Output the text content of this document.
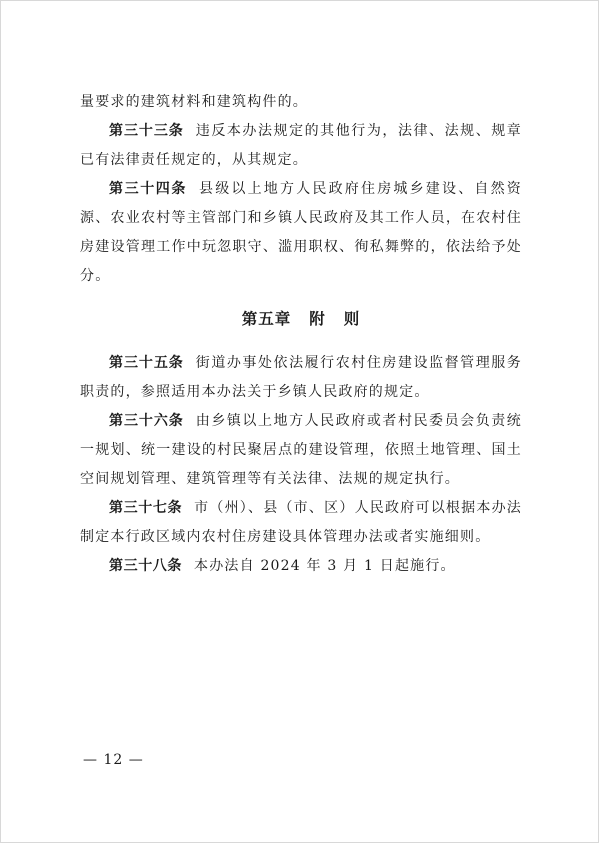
量要求的建筑材料和建筑构件的。

第三十三条 违反本办法规定的其他行为，法律、法规、规章已有法律责任规定的，从其规定。

第三十四条 县级以上地方人民政府住房城乡建设、自然资源、农业农村等主管部门和乡镇人民政府及其工作人员，在农村住房建设管理工作中玩忽职守、滥用职权、徇私舞弊的，依法给予处分。

第五章 附 则

第三十五条 街道办事处依法履行农村住房建设监督管理服务职责的，参照适用本办法关于乡镇人民政府的规定。

第三十六条 由乡镇以上地方人民政府或者村民委员会负责统一规划、统一建设的村民聚居点的建设管理，依照土地管理、国土空间规划管理、建筑管理等有关法律、法规的规定执行。

第三十七条 市（州）、县（市、区）人民政府可以根据本办法制定本行政区域内农村住房建设具体管理办法或者实施细则。

第三十八条 本办法自 2024 年 3 月 1 日起施行。

— 12 —
